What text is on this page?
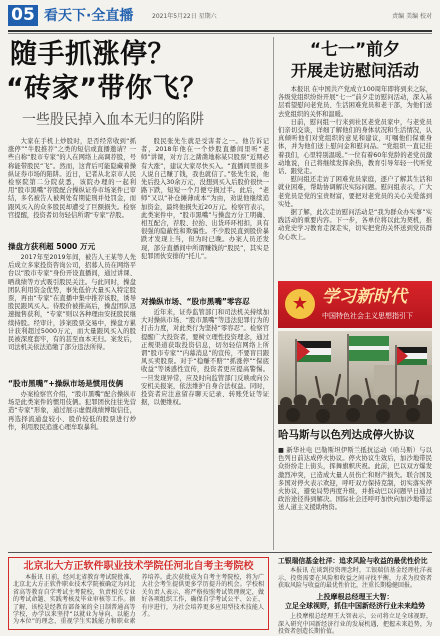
05 看天下·全直播	2021年5月22日 星期六	责编 美编 校对
随手抓涨停？
“砖家”带你飞？
一些股民掉入血本无归的陷阱
大家在手机上炒股时，是否经常收到“抓涨停”“牛股推荐”之类的短信或直播邀请？一些自称“股市专家”的人在网络上高调荐股，号称能带股民“飞”。然而，这背后可能隐藏着操纵证券市场的陷阱。近日，记者从北京市人民检察院第二分院获悉，该院办理的一起利用“股市黑嘴”荐股配合操纵证券市场案件已审结，多名被告人被判处有期徒刑并处罚金，而跟风买入的众多股民却遭受了巨额损失。检察官提醒，投资者切勿轻信所谓“专家”荐股。
操盘方获利超 5000 万元
2017年至2019年间，被告人王某等人先后成立多家投资咨询公司，招募人员在网络平台以“股市专家”身份开设直播间，通过讲课、晒战绩等方式吸引股民关注。与此同时，操盘团队利用资金优势，事先低价大量买入特定股票，再由“专家”在直播中集中推荐该股，诱导股民跟风买入。待股价被推高后，操盘团队迅速抛售获利，“专家”则以各种理由安抚股民继续持股。经审计，涉案股票交易中，操盘方累计获利超过5000万元，而大量跟风买入的股民被深度套牢，有的甚至血本无归。案发后，司法机关依法追缴了部分违法所得。
“股市黑嘴”+操纵市场是惯用伎俩
办案检察官介绍，“股市黑嘴”配合操纵市场是此类案件的惯用伎俩。犯罪团伙往往先营造“专家”形象，通过展示虚假战绩博取信任，再选择流通盘较小、股价较低的股票进行炒作，利用股民追涨心理牟取暴利。
股民张先生就是受害者之一。他告诉记者，2018年他在一个炒股直播间里听“老师”讲课，对方言之凿凿地称某只股票“近期必有大涨”，建议大家尽快买入。“直播间里很多人说自己赚了钱，我也就信了。”张先生说，他先后投入30余万元，没想到买入后股价很快一路下跌，短短一个月便亏损过半。此后，“老师”又以“补仓摊薄成本”为由，劝说他继续追加资金，最终他损失近20万元。检察官表示，此类案件中，“股市黑嘴”与操盘方分工明确、相互配合，荐股、拉抬、出货环环相扣，具有很强的隐蔽性和欺骗性。不少股民直到股价暴跌才发现上当，但为时已晚。办案人员还发现，部分直播间中所谓赚钱的“股民”，其实是犯罪团伙安排的“托儿”。
对操纵市场、“股市黑嘴”零容忍
近年来，证券监管部门和司法机关持续加大对操纵市场、“股市黑嘴”等违法犯罪行为的打击力度，对此类行为坚持“零容忍”。检察官提醒广大投资者，要树立理性投资理念，通过正规渠道获取投资信息，切勿轻信网络上所谓“股市专家”“内幕消息”的宣传，不要盲目跟风买卖股票。对于“稳赚不赔”“抓涨停”“保底收益”等诱惑性宣传，投资者更应提高警惕。一旦发现异常，应及时向监管部门反映或向公安机关报案，依法维护自身合法权益。同时，投资者应注意留存聊天记录、转账凭证等证据，以便维权。
“七一”前夕
开展走访慰问活动

本报讯 在中国共产党成立100周年即将到来之际，各级党组织纷纷开展“七一”前夕走访慰问活动，深入基层看望慰问老党员、生活困难党员和老干部，为他们送去党组织的关怀和温暖。

日前，慰问组一行来到社区老党员家中，与老党员们亲切交谈，详细了解他们的身体状况和生活情况，认真倾听他们对党组织的意见和建议，叮嘱他们保重身体，并为他们送上慰问金和慰问品。“党组织一直记挂着我们，心里特别温暖。”一位有着60年党龄的老党员激动地说，自己将继续发挥余热，教育引导年轻一代听党话、跟党走。

慰问组还走访了困难党员家庭，逐户了解其生活和就业困难，帮助协调解决实际问题。慰问组表示，广大老党员是党的宝贵财富，要把对老党员的关心关爱落到实处。

据了解，此次走访慰问活动是“我为群众办实事”实践活动的重要内容。下一步，各单位将以此为契机，推动党史学习教育走深走实，切实把党的关怀送到党员群众心坎上。

★ 学习新时代
中国特色社会主义思想指引下
哈马斯与以色列达成停火协议
■ 新华社电 巴勒斯坦伊斯兰抵抗运动（哈马斯）与以色列日前达成停火协议。停火协议生效后，加沙地带民众纷纷走上街头，挥舞旗帜庆祝。此前，巴以双方爆发激烈冲突，已造成大量人员伤亡和财产损失。联合国及多国对停火表示欢迎，呼吁双方保持克制，切实落实停火协议，避免局势再度升级，并推动巴以问题早日通过政治途径得到解决。国际社会还呼吁加快向加沙地带运送人道主义援助物资。
北京北大方正软件职业技术学院任河北自考主考院校
本报讯 日前，经河北省教育考试院批准，北京北大方正软件职业技术学院被确定为河北省高等教育自学考试主考院校，负责相关专业的考试命题、实践考核及毕业审核等工作。据了解，该校是经教育部备案的全日制普通高等学校，办学以来坚持“以就业为导向、以能力为本位”的理念，重视学生实践能力和职业素养培养。此次获批成为自考主考院校，将为广大社会考生提供更多学历提升的机会。学校相关负责人表示，将严格按照考试管理规定，做好各项组织工作，确保自学考试公平、公正、有序进行，为社会培养更多应用型技术技能人才。
工银瑞信基金杜洋：追求风险与收益的最优性价比
本报讯 在谈到投资理念时，工银瑞信基金经理杜洋表示，投资需要在风险和收益之间寻找平衡，力求为投资者获取风险与收益的最优性价比，注重长期稳健回报。
上投摩根总经理王大智：
立足全球视野，抓住中国新经济行业未来趋势
上投摩根总经理王大智表示，公司将立足全球视野，深入研究中国新经济行业的发展机遇，把握未来趋势，为投资者创造长期价值。
